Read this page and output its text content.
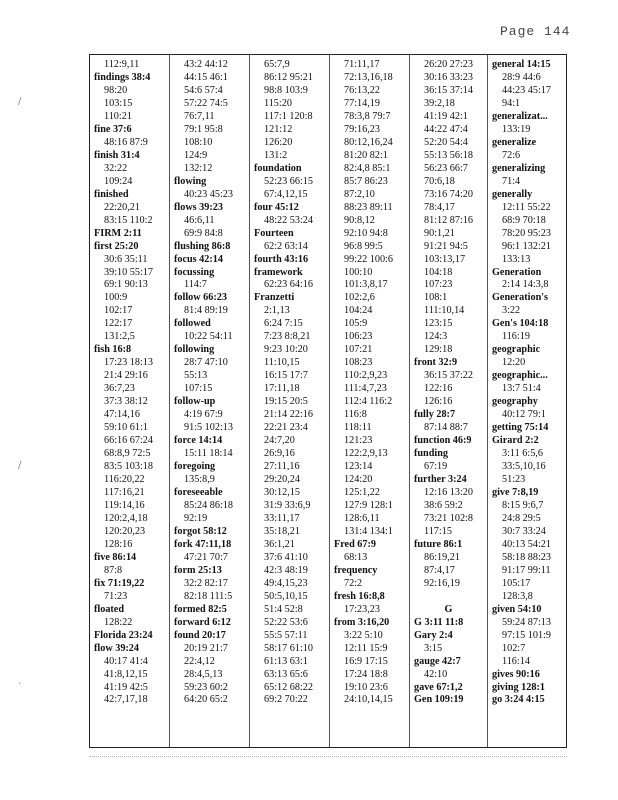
Page 144
/
/
.
112:9,11
findings 38:4
98:20
103:15
110:21
fine 37:6
48:16 87:9
finish 31:4
32:22
109:24
finished
22:20,21
83:15 110:2
FIRM 2:11
first 25:20
30:6 35:11
39:10 55:17
69:1 90:13
100:9
102:17
122:17
131:2,5
fish 16:8
17:23 18:13
21:4 29:16
36:7,23
37:3 38:12
47:14,16
59:10 61:1
66:16 67:24
68:8,9 72:5
83:5 103:18
116:20,22
117:16,21
119:14,16
120:2,4,18
120:20,23
128:16
five 86:14
87:8
fix 71:19,22
71:23
floated
128:22
Florida 23:24
flow 39:24
40:17 41:4
41:8,12,15
41:19 42:5
42:7,17,18
43:2 44:12
44:15 46:1
54:6 57:4
57:22 74:5
76:7,11
79:1 95:8
108:10
124:9
132:12
flowing
40:23 45:23
flows 39:23
46:6,11
69:9 84:8
flushing 86:8
focus 42:14
focussing
114:7
follow 66:23
81:4 89:19
followed
10:22 54:11
following
28:7 47:10
55:13
107:15
follow-up
4:19 67:9
91:5 102:13
force 14:14
15:11 18:14
foregoing
135:8,9
foreseeable
85:24 86:18
92:19
forgot 58:12
fork 47:11,18
47:21 70:7
form 25:13
32:2 82:17
82:18 111:5
formed 82:5
forward 6:12
found 20:17
20:19 21:7
22:4,12
28:4,5,13
59:23 60:2
64:20 65:2
65:7,9
86:12 95:21
98:8 103:9
115:20
117:1 120:8
121:12
126:20
131:2
foundation
52:23 66:15
67:4,12,15
four 45:12
48:22 53:24
Fourteen
62:2 63:14
fourth 43:16
framework
62:23 64:16
Franzetti
2:1,13
6:24 7:15
7:23 8:8,21
9:23 10:20
11:10,15
16:15 17:7
17:11,18
19:15 20:5
21:14 22:16
22:21 23:4
24:7,20
26:9,16
27:11,16
29:20,24
30:12,15
31:9 33:6,9
33:11,17
35:18,21
36:1,21
37:6 41:10
42:3 48:19
49:4,15,23
50:5,10,15
51:4 52:8
52:22 53:6
55:5 57:11
58:17 61:10
61:13 63:1
63:13 65:6
65:12 68:22
69:2 70:22
71:11,17
72:13,16,18
76:13,22
77:14,19
78:3,8 79:7
79:16,23
80:12,16,24
81:20 82:1
82:4,8 85:1
85:7 86:23
87:2,10
88:23 89:11
90:8,12
92:10 94:8
96:8 99:5
99:22 100:6
100:10
101:3,8,17
102:2,6
104:24
105:9
106:23
107:21
108:23
110:2,9,23
111:4,7,23
112:4 116:2
116:8
118:11
121:23
122:2,9,13
123:14
124:20
125:1,22
127:9 128:1
128:6,11
131:4 134:1
Fred 67:9
68:13
frequency
72:2
fresh 16:8,8
17:23,23
from 3:16,20
3:22 5:10
12:11 15:9
16:9 17:15
17:24 18:8
19:10 23:6
24:10,14,15
26:20 27:23
30:16 33:23
36:15 37:14
39:2,18
41:19 42:1
44:22 47:4
52:20 54:4
55:13 56:18
56:23 66:7
70:6,18
73:16 74:20
78:4,17
81:12 87:16
90:1,21
91:21 94:5
103:13,17
104:18
107:23
108:1
111:10,14
123:15
124:3
129:18
front 32:9
36:15 37:22
122:16
126:16
fully 28:7
87:14 88:7
function 46:9
funding
67:19
further 3:24
12:16 13:20
38:6 59:2
73:21 102:8
117:15
future 86:1
86:19,21
87:4,17
92:16,19
G
G 3:11 11:8
Gary 2:4
3:15
gauge 42:7
42:10
gave 67:1,2
Gen 109:19
general 14:15
28:9 44:6
44:23 45:17
94:1
generalizat...
133:19
generalize
72:6
generalizing
71:4
generally
12:11 55:22
68:9 70:18
78:20 95:23
96:1 132:21
133:13
Generation
2:14 14:3,8
Generation's
3:22
Gen's 104:18
116:19
geographic
12:20
geographic...
13:7 51:4
geography
40:12 79:1
getting 75:14
Girard 2:2
3:11 6:5,6
33:5,10,16
51:23
give 7:8,19
8:15 9:6,7
24:8 29:5
30:7 33:24
40:13 54:21
58:18 88:23
91:17 99:11
105:17
128:3,8
given 54:10
59:24 87:13
97:15 101:9
102:7
116:14
gives 90:16
giving 128:1
go 3:24 4:15
